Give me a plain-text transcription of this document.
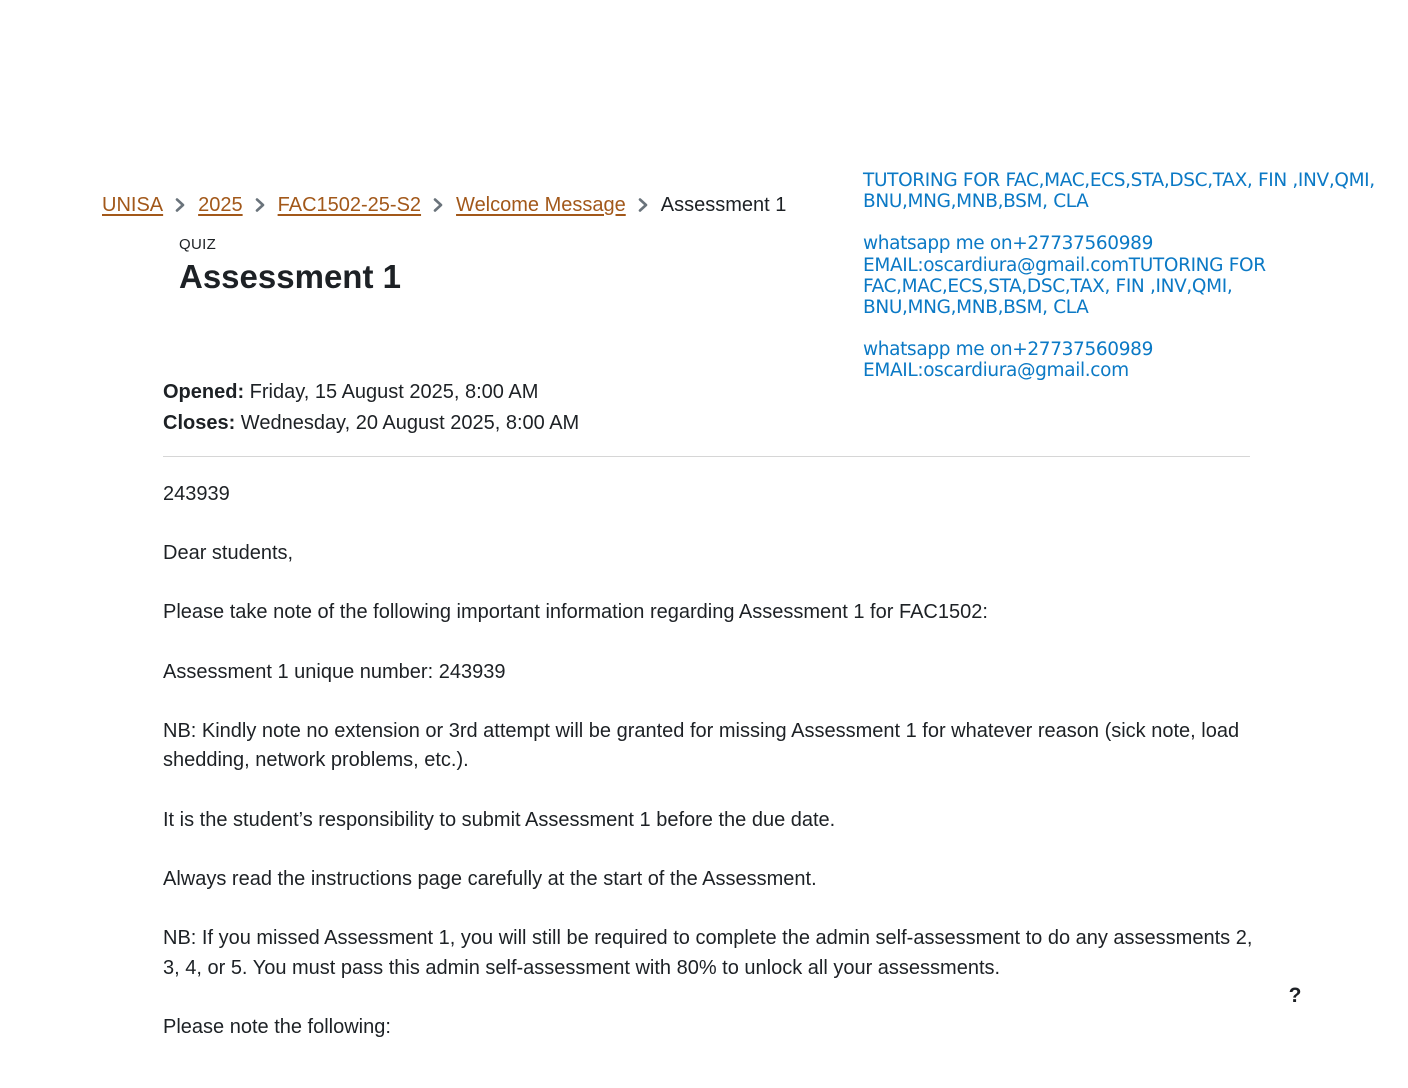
UNISA 2025 FAC1502-25-S2 Welcome Message Assessment 1
QUIZ
Assessment 1

TUTORING FOR FAC,MAC,ECS,STA,DSC,TAX, FIN ,INV,QMI,

BNU,MNG,MNB,BSM, CLA

whatsapp me on+27737560989

EMAIL:oscardiura@gmail.comTUTORING FOR

FAC,MAC,ECS,STA,DSC,TAX, FIN ,INV,QMI,

BNU,MNG,MNB,BSM, CLA

whatsapp me on+27737560989

EMAIL:oscardiura@gmail.com

Opened: Friday, 15 August 2025, 8:00 AM
Closes: Wednesday, 20 August 2025, 8:00 AM

243939

Dear students,

Please take note of the following important information regarding Assessment 1 for FAC1502:

Assessment 1 unique number: 243939

NB: Kindly note no extension or 3rd attempt will be granted for missing Assessment 1 for whatever reason (sick note, load shedding, network problems, etc.).

It is the student’s responsibility to submit Assessment 1 before the due date.

Always read the instructions page carefully at the start of the Assessment.

NB: If you missed Assessment 1, you will still be required to complete the admin self-assessment to do any assessments 2, 3, 4, or 5. You must pass this admin self-assessment with 80% to unlock all your assessments.

Please note the following:

?
